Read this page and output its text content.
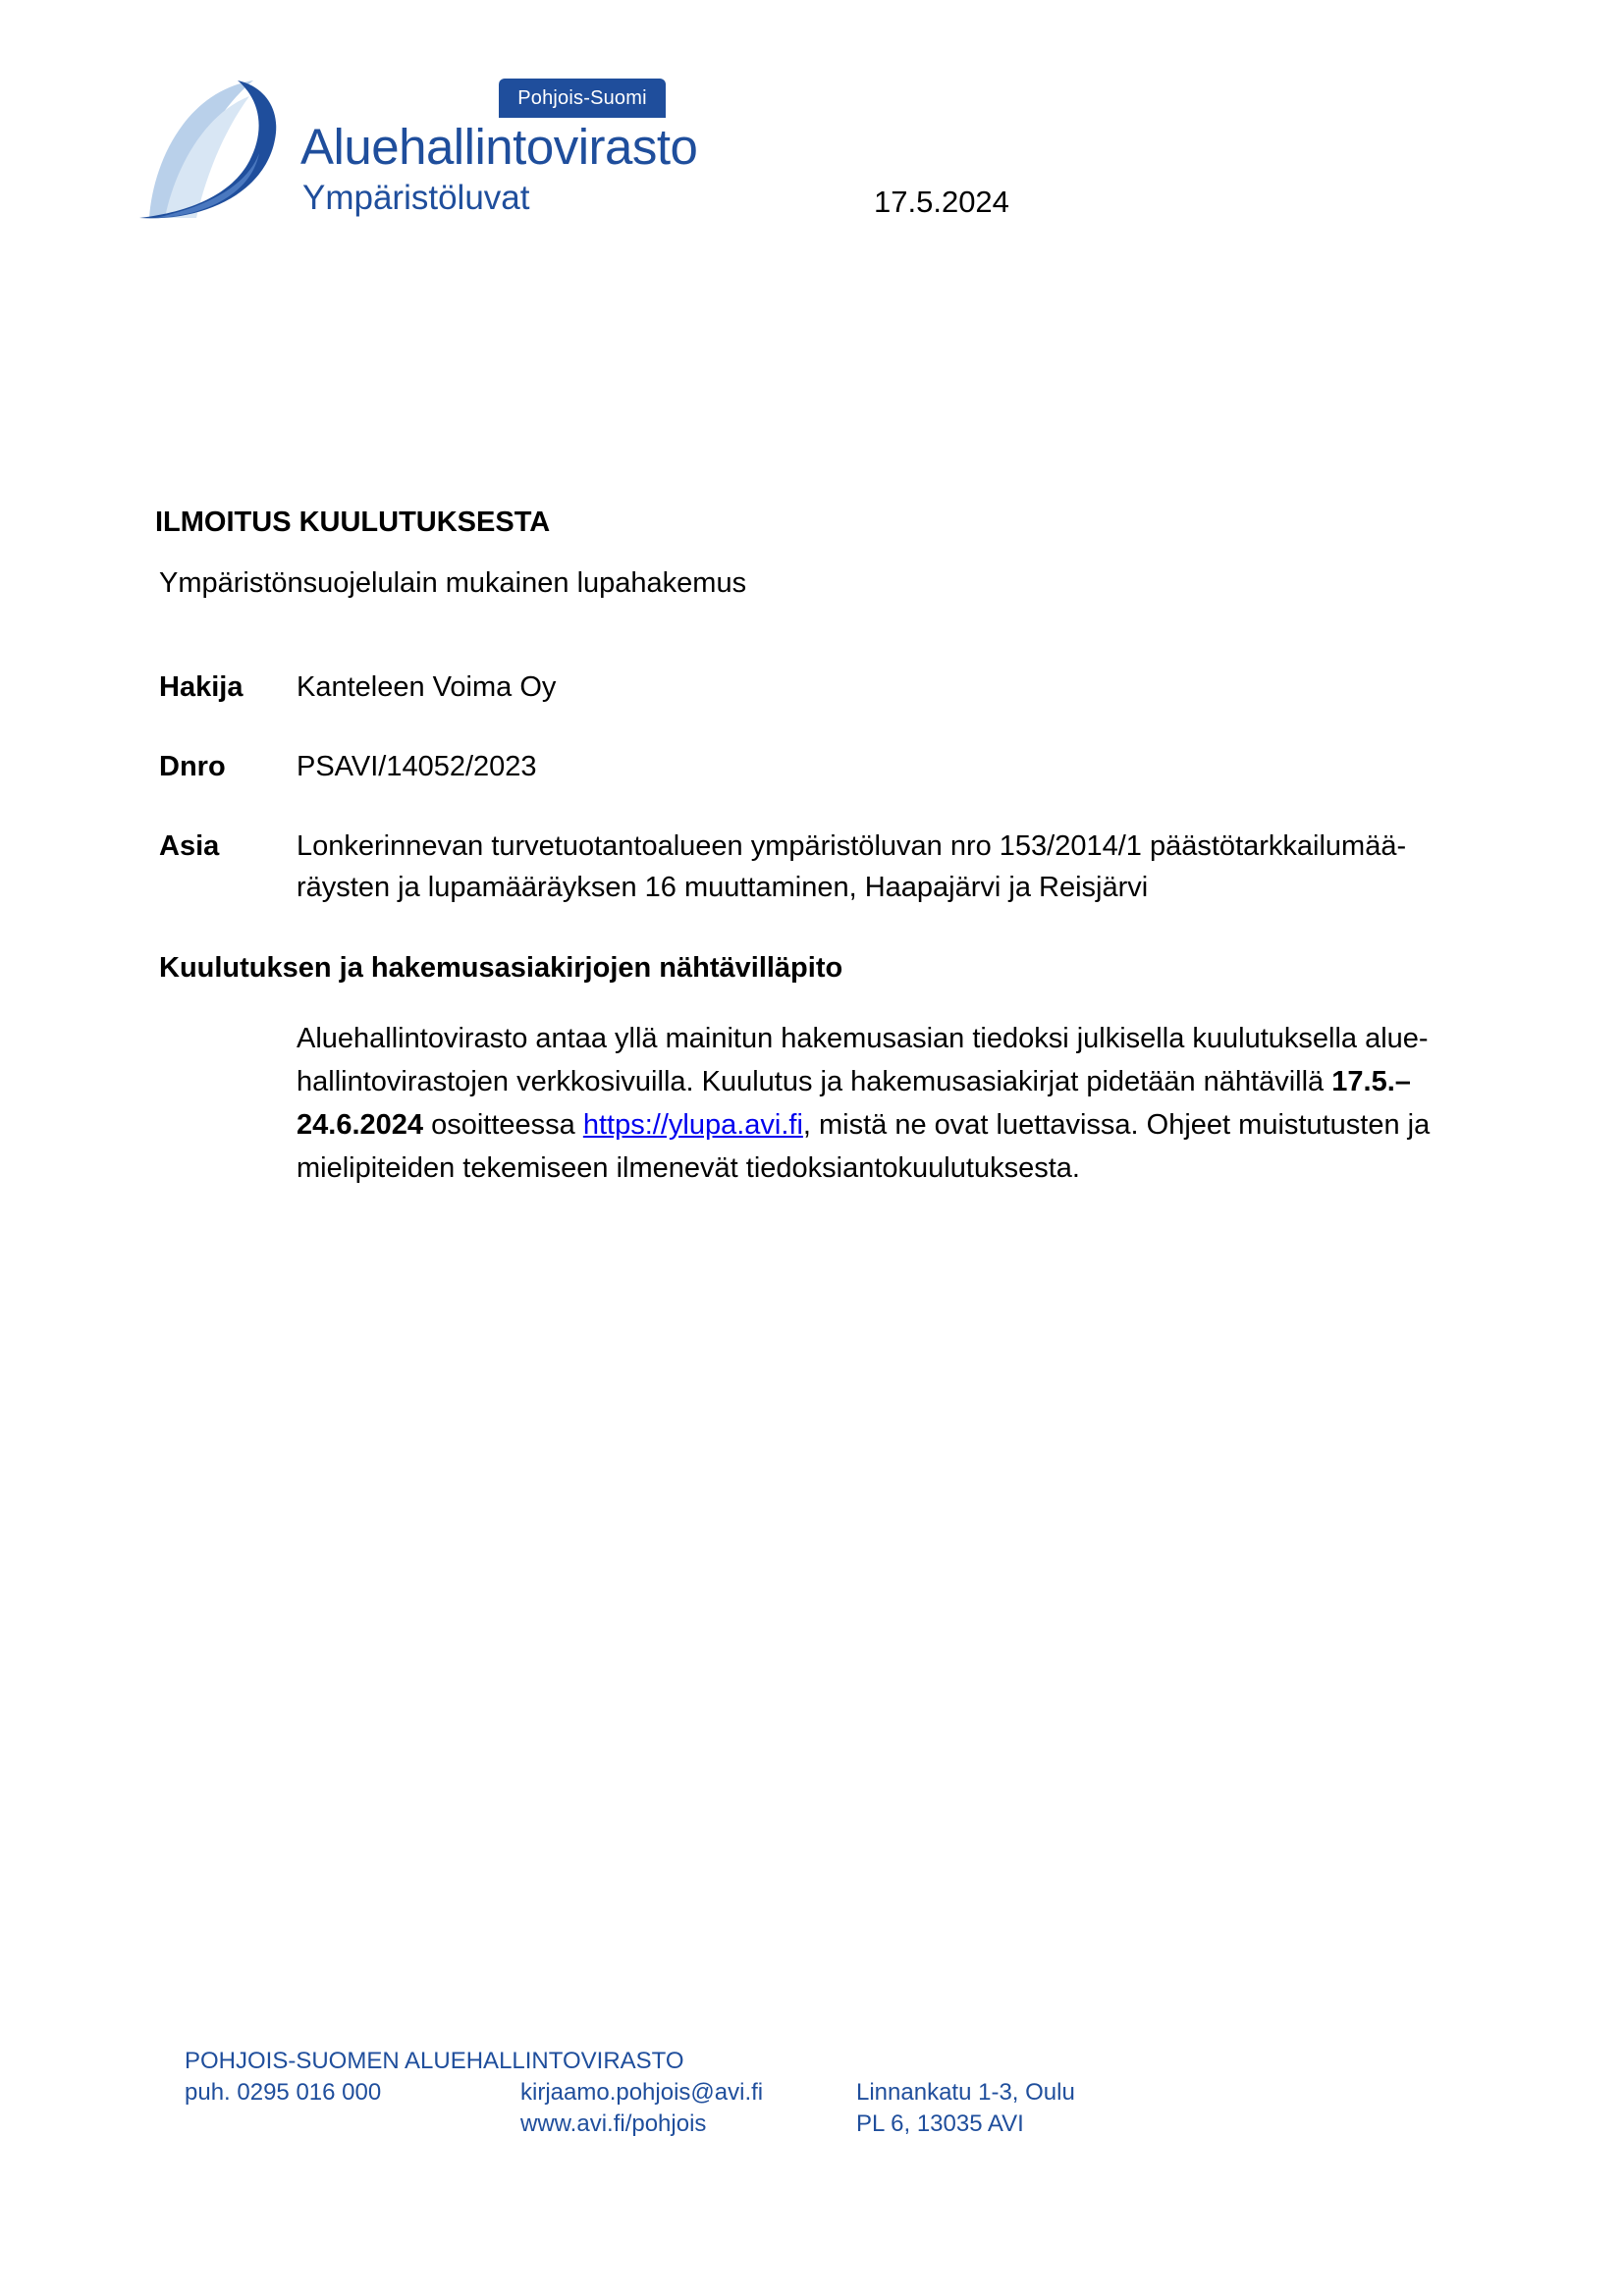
Pohjois-Suomi
Aluehallintovirasto
Ympäristöluvat	17.5.2024
ILMOITUS KUULUTUKSESTA
Ympäristönsuojelulain mukainen lupahakemus
Hakija Kanteleen Voima Oy
Dnro PSAVI/14052/2023
Asia	Lonkerinnevan turvetuotantoalueen ympäristöluvan nro 153/2014/1 päästötarkkailumää-
räysten ja lupamääräyksen 16 muuttaminen, Haapajärvi ja Reisjärvi
Kuulutuksen ja hakemusasiakirjojen nähtävilläpito
Aluehallintovirasto antaa yllä mainitun hakemusasian tiedoksi julkisella kuulutuksella alue-hallintovirastojen verkkosivuilla. Kuulutus ja hakemusasiakirjat pidetään nähtävillä 17.5.–24.6.2024 osoitteessa https://ylupa.avi.fi, mistä ne ovat luettavissa. Ohjeet muistutusten ja mielipiteiden tekemiseen ilmenevät tiedoksiantokuulutuksesta.
POHJOIS-SUOMEN ALUEHALLINTOVIRASTO
puh. 0295 016 000	kirjaamo.pohjois@avi.fi
www.avi.fi/pohjois
Linnankatu 1-3, Oulu
PL 6, 13035 AVI
